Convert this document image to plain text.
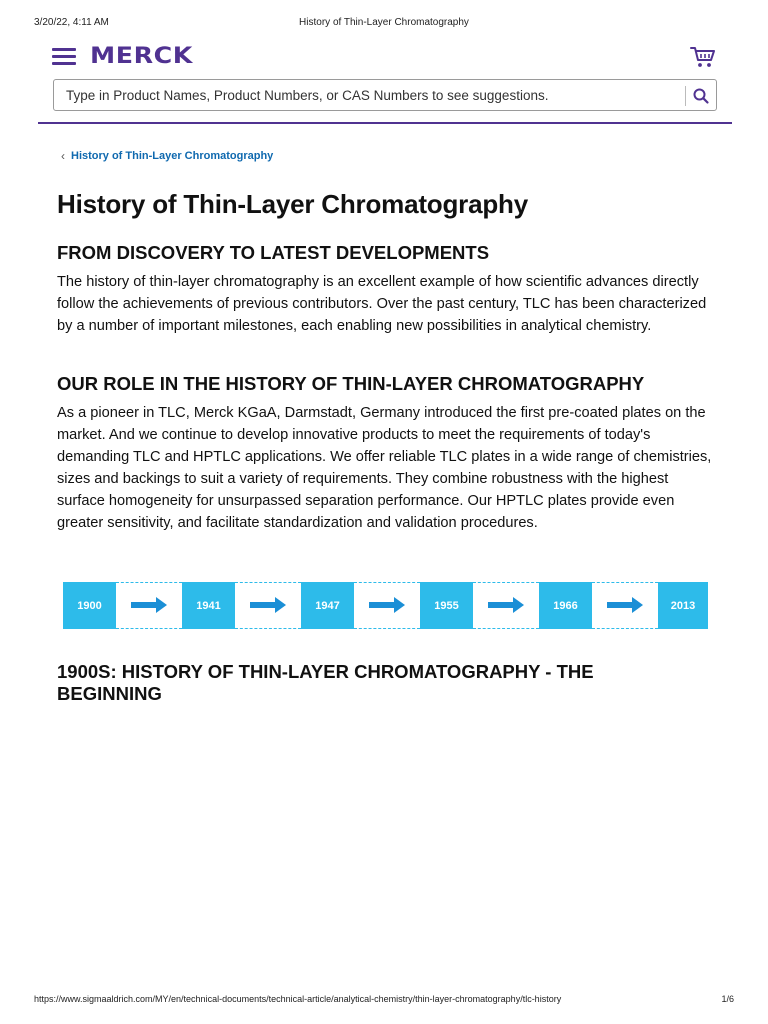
3/20/22, 4:11 AM	History of Thin-Layer Chromatography
MERCK
Type in Product Names, Product Numbers, or CAS Numbers to see suggestions.
‹ History of Thin-Layer Chromatography
History of Thin-Layer Chromatography
FROM DISCOVERY TO LATEST DEVELOPMENTS

The history of thin-layer chromatography is an excellent example of how scientific advances directly follow the achievements of previous contributors. Over the past century, TLC has been characterized by a number of important milestones, each enabling new possibilities in analytical chemistry.

OUR ROLE IN THE HISTORY OF THIN-LAYER CHROMATOGRAPHY

As a pioneer in TLC, Merck KGaA, Darmstadt, Germany introduced the first pre-coated plates on the market. And we continue to develop innovative products to meet the requirements of today's demanding TLC and HPTLC applications. We offer reliable TLC plates in a wide range of chemistries, sizes and backings to suit a variety of requirements. They combine robustness with the highest surface homogeneity for unsurpassed separation performance. Our HPTLC plates provide even greater sensitivity, and facilitate standardization and validation procedures.

1900	1941	1947	1955	1966	2013
1900S: HISTORY OF THIN-LAYER CHROMATOGRAPHY - THE BEGINNING
https://www.sigmaaldrich.com/MY/en/technical-documents/technical-article/analytical-chemistry/thin-layer-chromatography/tlc-history	1/6
